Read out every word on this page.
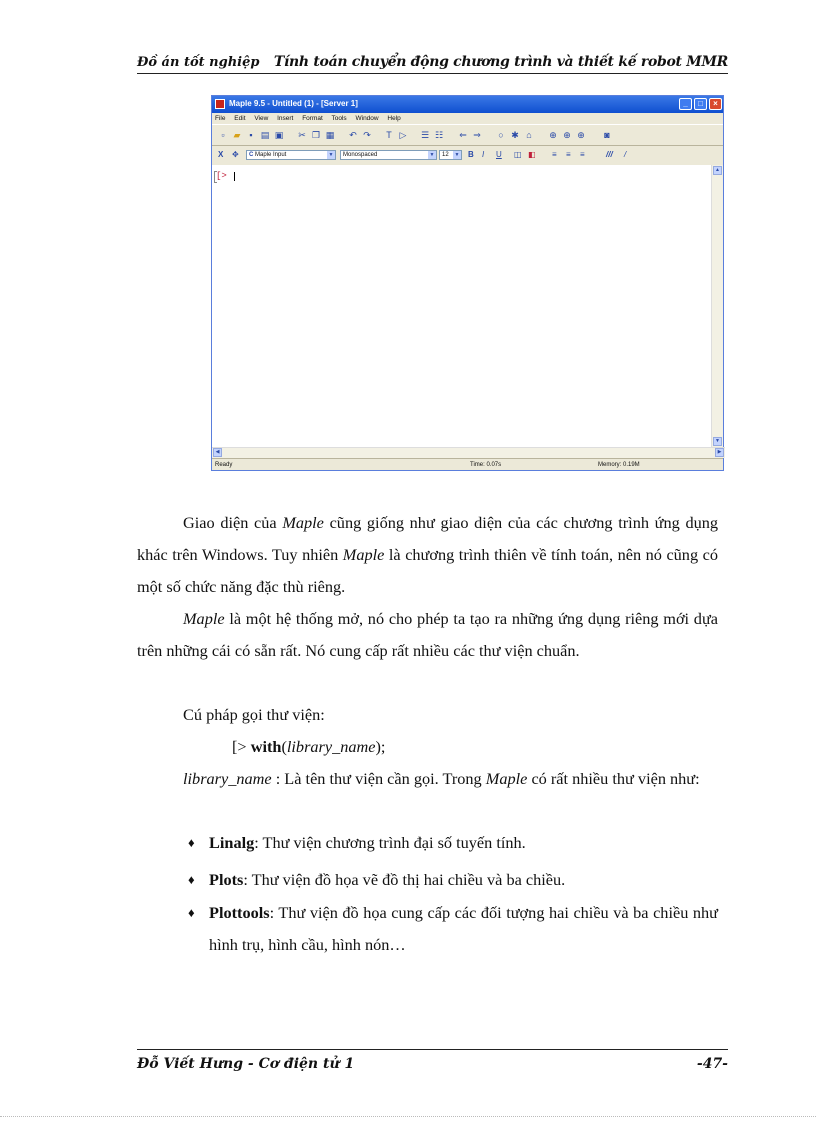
Đồ án tốt nghiệp Tính toán chuyển động chương trình và thiết kế robot MMR
Maple 9.5 - Untitled (1) - [Server 1]	_	□	×
File Edit View Insert Format Tools Window Help
▫ ▰ ▪ ▤ ▣ ✂ ❐ ▦ ↶ ↷ T ▷ ☰ ☷ ⇐ ⇒ ○ ✱ ⌂ ⊕ ⊕ ⊕ ◙
X ✥	C Maple Input	▼	Monospaced	▼	12	▼ B I U ◫ ◧ ≡ ≡ ≡	/// /
[>
▲
▼
◀	▶
Ready	Time: 0.07s	Memory: 0.19M

Giao diện của Maple cũng giống như giao diện của các chương trình ứng dụng khác trên Windows. Tuy nhiên Maple là chương trình thiên về tính toán, nên nó cũng có một số chức năng đặc thù riêng.

Maple là một hệ thống mở, nó cho phép ta tạo ra những ứng dụng riêng mới dựa trên những cái có sẵn rất. Nó cung cấp rất nhiều các thư viện chuẩn.

Cú pháp gọi thư viện:

[> with(library_name);

library_name : Là tên thư viện cần gọi. Trong Maple có rất nhiều thư viện như:

♦ Linalg: Thư viện chương trình đại số tuyến tính.
♦ Plots: Thư viện đồ họa vẽ đồ thị hai chiều và ba chiều.
♦ Plottools: Thư viện đồ họa cung cấp các đối tượng hai chiều và ba chiều như hình trụ, hình cầu, hình nón…
Đỗ Viết Hưng - Cơ điện tử 1	-47-
